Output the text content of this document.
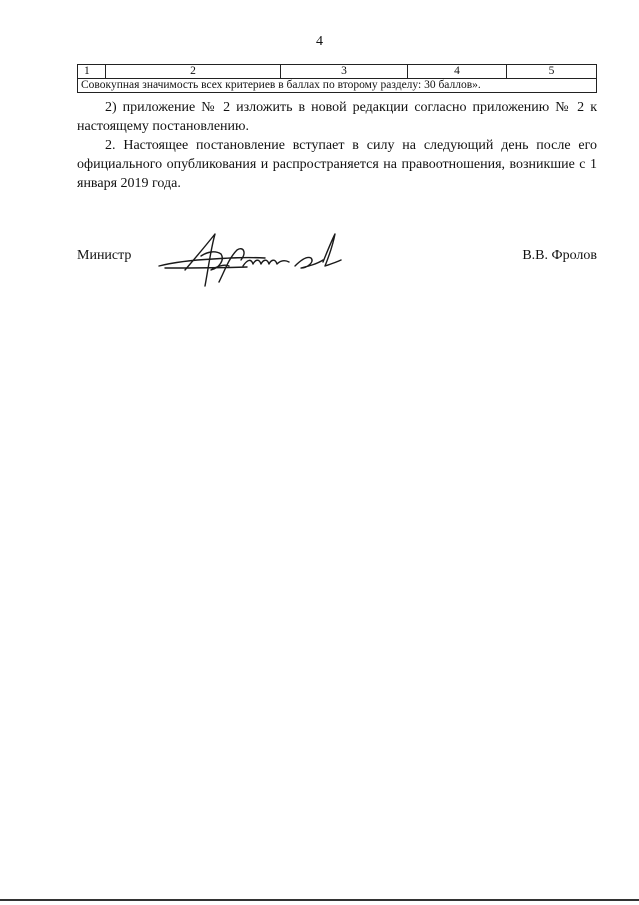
4
1	2	3	4	5
Совокупная значимость всех критериев в баллах по второму разделу: 30 баллов».

2) приложение № 2 изложить в новой редакции согласно приложению № 2 к настоящему постановлению.

2. Настоящее постановление вступает в силу на следующий день после его официального опубликования и распространяется на правоотношения, возникшие с 1 января 2019 года.

Министр	В.В. Фролов
